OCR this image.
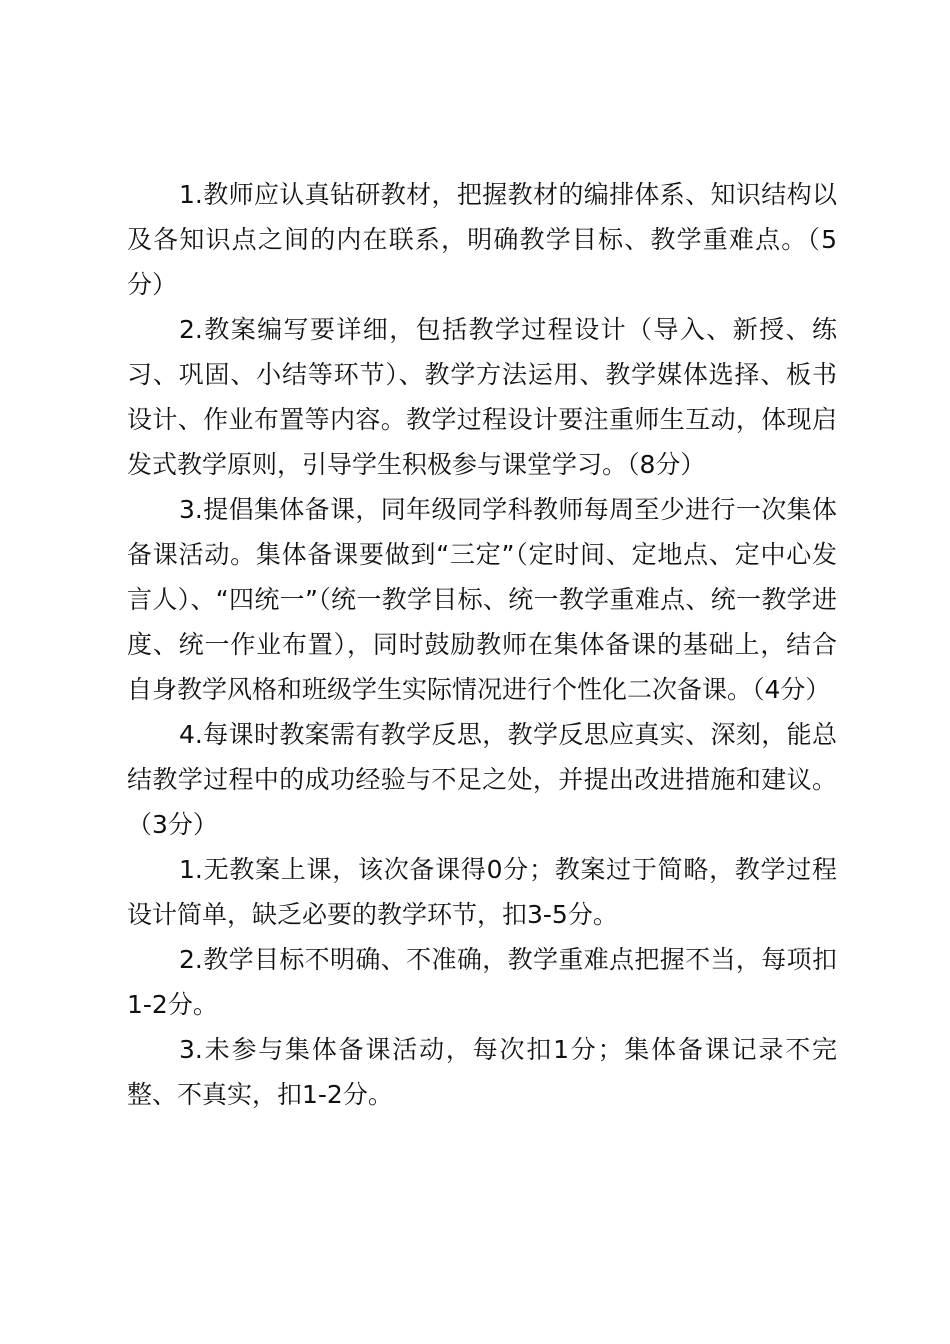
1.教师应认真钻研教材，把握教材的编排体系、知识结构以及各知识点之间的内在联系，明确教学目标、教学重难点。（5分）

2.教案编写要详细，包括教学过程设计（导入、新授、练习、巩固、小结等环节）、教学方法运用、教学媒体选择、板书设计、作业布置等内容。教学过程设计要注重师生互动，体现启发式教学原则，引导学生积极参与课堂学习。（8分）

3.提倡集体备课，同年级同学科教师每周至少进行一次集体备课活动。集体备课要做到“三定”（定时间、定地点、定中心发言人）、“四统一”（统一教学目标、统一教学重难点、统一教学进度、统一作业布置），同时鼓励教师在集体备课的基础上，结合自身教学风格和班级学生实际情况进行个性化二次备课。（4分）

4.每课时教案需有教学反思，教学反思应真实、深刻，能总结教学过程中的成功经验与不足之处，并提出改进措施和建议。（3分）

1.无教案上课，该次备课得0分；教案过于简略，教学过程设计简单，缺乏必要的教学环节，扣3-5分。

2.教学目标不明确、不准确，教学重难点把握不当，每项扣1-2分。

3.未参与集体备课活动，每次扣1分；集体备课记录不完整、不真实，扣1-2分。
